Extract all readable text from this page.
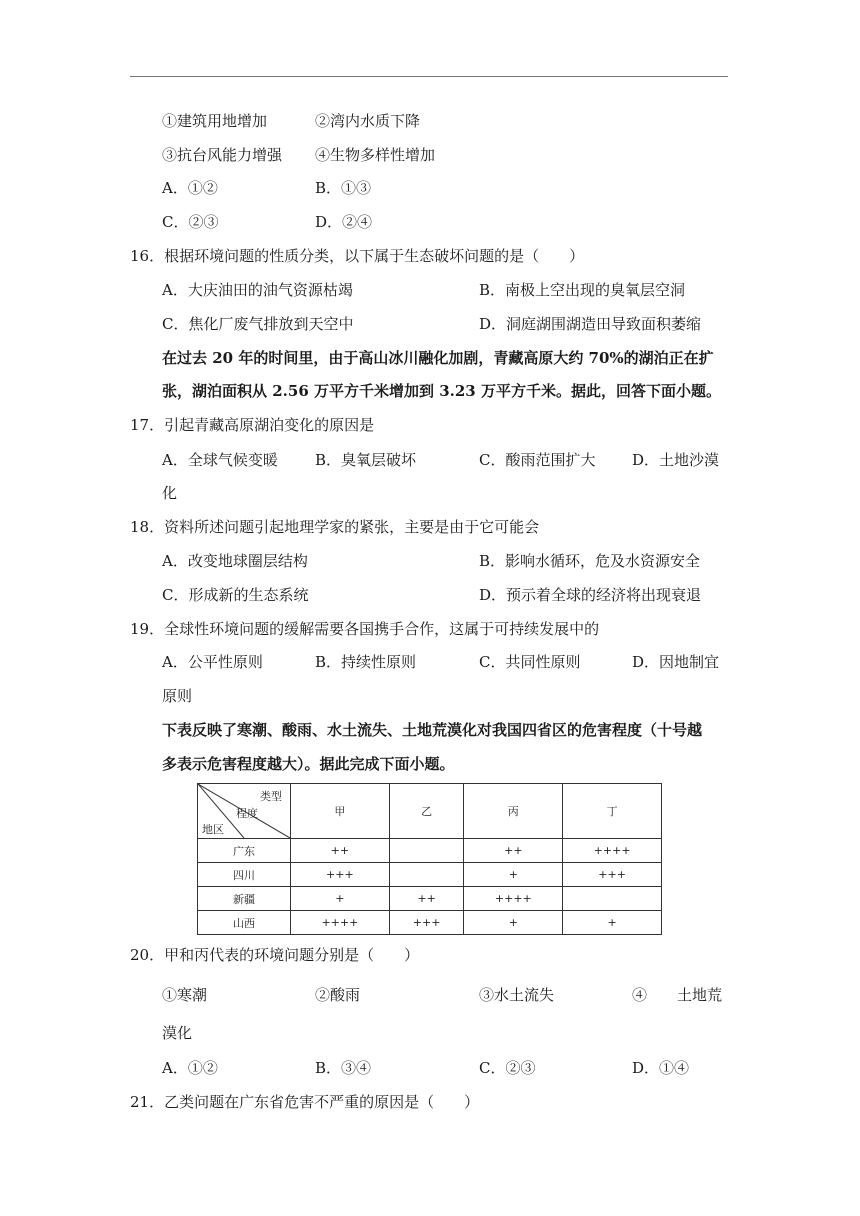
①建筑用地增加	②湾内水质下降
③抗台风能力增强 ④生物多样性增加
A．①②	B．①③
C．②③	D．②④
16．根据环境问题的性质分类，以下属于生态破坏问题的是（　　）
A．大庆油田的油气资源枯竭	B．南极上空出现的臭氧层空洞
C．焦化厂废气排放到天空中	D．洞庭湖围湖造田导致面积萎缩
在过去 20 年的时间里，由于高山冰川融化加剧，青藏高原大约 70%的湖泊正在扩
张，湖泊面积从 2.56 万平方千米增加到 3.23 万平方千米。据此，回答下面小题。
17．引起青藏高原湖泊变化的原因是
A．全球气候变暖 B．臭氧层破坏	C．酸雨范围扩大 D．土地沙漠
化
18．资料所述问题引起地理学家的紧张，主要是由于它可能会
A．改变地球圈层结构	B．影响水循环，危及水资源安全
C．形成新的生态系统	D．预示着全球的经济将出现衰退
19．全球性环境问题的缓解需要各国携手合作，这属于可持续发展中的
A．公平性原则	B．持续性原则	C．共同性原则	D．因地制宜
原则
下表反映了寒潮、酸雨、水土流失、土地荒漠化对我国四省区的危害程度（十号越
多表示危害程度越大）。据此完成下面小题。
类型
程度
地区	甲	乙	丙	丁
广东	++		++	++++
四川	+++		+	+++
新疆	+	++	++++	
山西	++++	+++	+	+
20．甲和丙代表的环境问题分别是（　　）
①寒潮	②酸雨	③水土流失	④　　土地荒
漠化
A．①②	B．③④	C．②③	D．①④
21．乙类问题在广东省危害不严重的原因是（　　）
